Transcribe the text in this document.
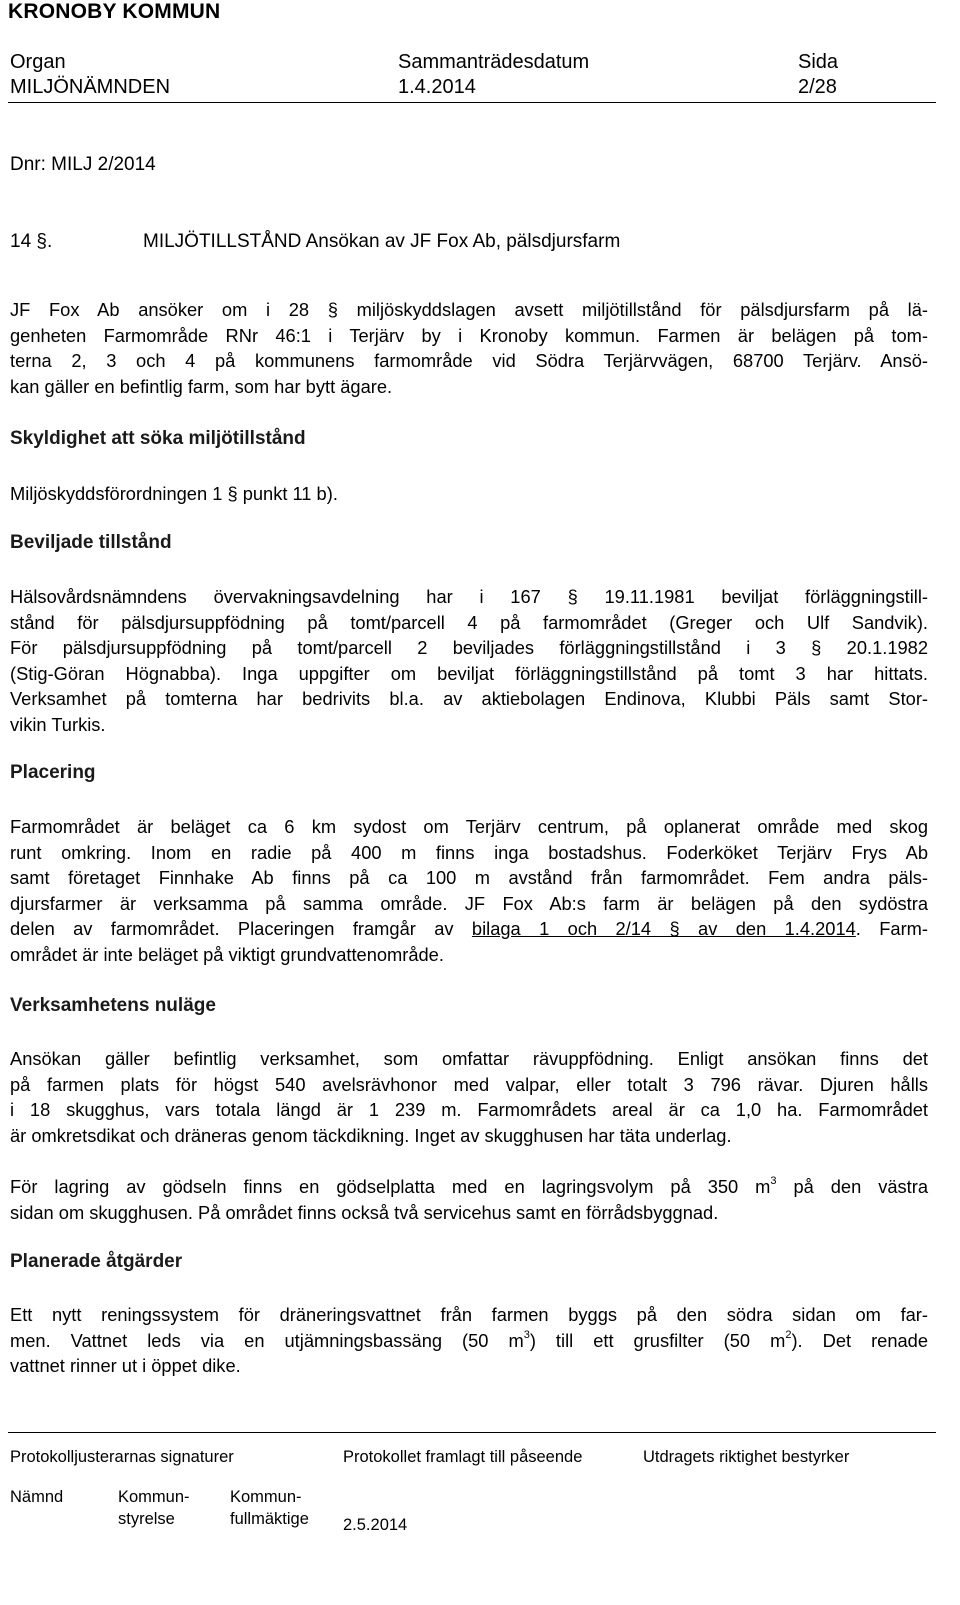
KRONOBY KOMMUN
Organ
MILJÖNÄMNDEN
Sammanträdesdatum
1.4.2014
Sida
2/28
Dnr: MILJ 2/2014
14 §.	MILJÖTILLSTÅND Ansökan av JF Fox Ab, pälsdjursfarm
JF Fox Ab ansöker om i 28 § miljöskyddslagen avsett miljötillstånd för pälsdjursfarm på lä-
genheten Farmområde RNr 46:1 i Terjärv by i Kronoby kommun. Farmen är belägen på tom-
terna 2, 3 och 4 på kommunens farmområde vid Södra Terjärvvägen, 68700 Terjärv. Ansö-
kan gäller en befintlig farm, som har bytt ägare.
Skyldighet att söka miljötillstånd
Miljöskyddsförordningen 1 § punkt 11 b).
Beviljade tillstånd
Hälsovårdsnämndens övervakningsavdelning har i 167 § 19.11.1981 beviljat förläggningstill-
stånd för pälsdjursuppfödning på tomt/parcell 4 på farmområdet (Greger och Ulf Sandvik).
För pälsdjursuppfödning på tomt/parcell 2 beviljades förläggningstillstånd i 3 § 20.1.1982
(Stig-Göran Högnabba). Inga uppgifter om beviljat förläggningstillstånd på tomt 3 har hittats.
Verksamhet på tomterna har bedrivits bl.a. av aktiebolagen Endinova, Klubbi Päls samt Stor-
vikin Turkis.
Placering
Farmområdet är beläget ca 6 km sydost om Terjärv centrum, på oplanerat område med skog
runt omkring. Inom en radie på 400 m finns inga bostadshus. Foderköket Terjärv Frys Ab
samt företaget Finnhake Ab finns på ca 100 m avstånd från farmområdet. Fem andra päls-
djursfarmer är verksamma på samma område. JF Fox Ab:s farm är belägen på den sydöstra
delen av farmområdet. Placeringen framgår av bilaga 1 och 2/14 § av den 1.4.2014. Farm-
området är inte beläget på viktigt grundvattenområde.
Verksamhetens nuläge
Ansökan gäller befintlig verksamhet, som omfattar rävuppfödning. Enligt ansökan finns det
på farmen plats för högst 540 avelsrävhonor med valpar, eller totalt 3 796 rävar. Djuren hålls
i 18 skugghus, vars totala längd är 1 239 m. Farmområdets areal är ca 1,0 ha. Farmområdet
är omkretsdikat och dräneras genom täckdikning. Inget av skugghusen har täta underlag.
För lagring av gödseln finns en gödselplatta med en lagringsvolym på 350 $m^3$ på den västra
sidan om skugghusen. På området finns också två servicehus samt en förrådsbyggnad.
Planerade åtgärder
Ett nytt reningssystem för dräneringsvattnet från farmen byggs på den södra sidan om far-
men. Vattnet leds via en utjämningsbassäng (50 $m^3$) till ett grusfilter (50 $m^2$). Det renade
vattnet rinner ut i öppet dike.
Protokolljusterarnas signaturer
Nämnd	Kommun-
styrelse
Kommun-
fullmäktige
Protokollet framlagt till påseende
2.5.2014
Utdragets riktighet bestyrker
